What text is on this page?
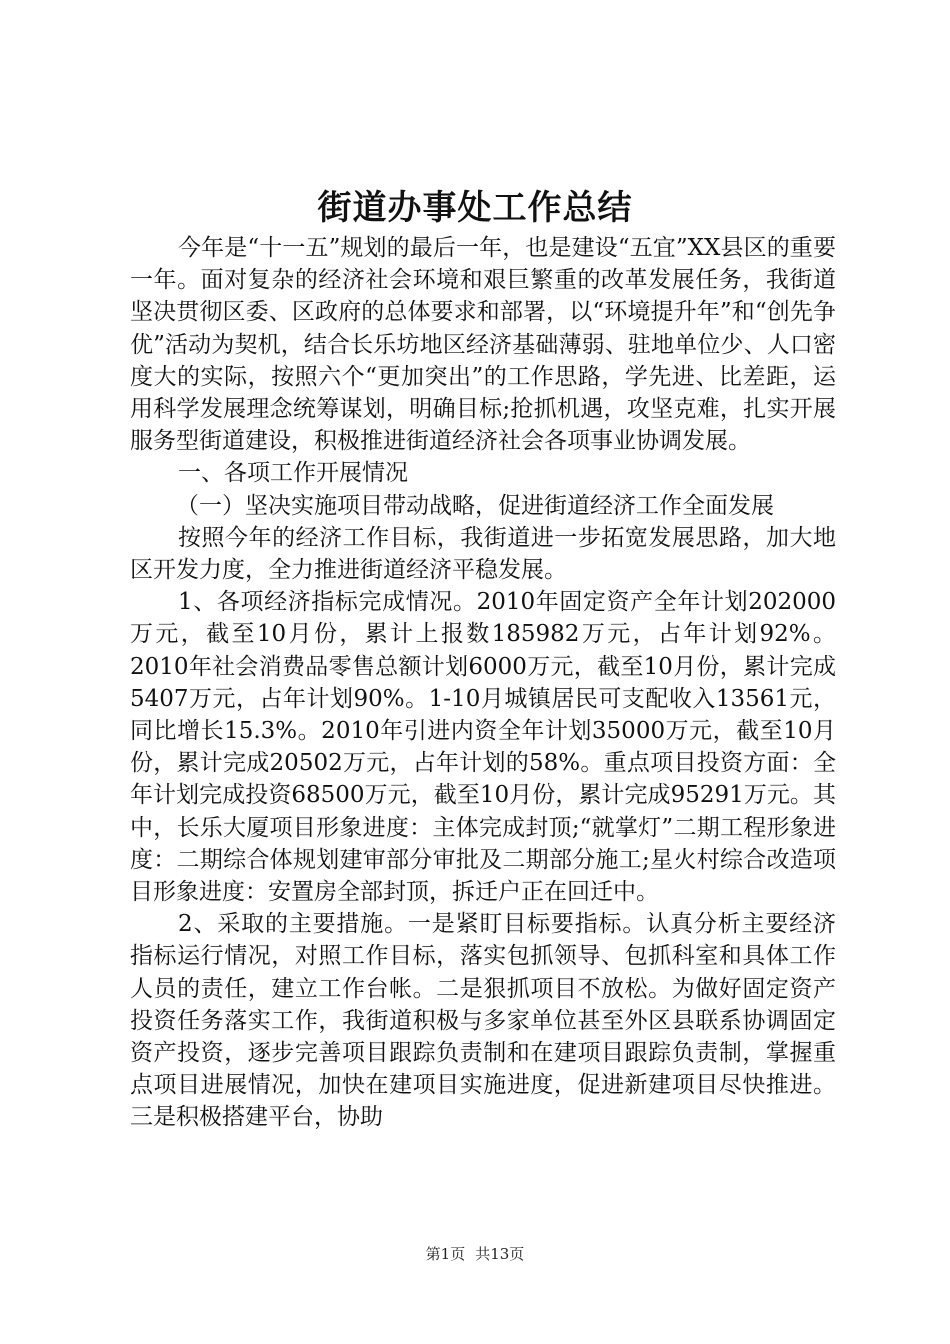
街道办事处工作总结

今年是“十一五”规划的最后一年，也是建设“五宜”XX县区的重要一年。面对复杂的经济社会环境和艰巨繁重的改革发展任务，我街道坚决贯彻区委、区政府的总体要求和部署，以“环境提升年”和“创先争优”活动为契机，结合长乐坊地区经济基础薄弱、驻地单位少、人口密度大的实际，按照六个“更加突出”的工作思路，学先进、比差距，运用科学发展理念统筹谋划，明确目标;抢抓机遇，攻坚克难，扎实开展服务型街道建设，积极推进街道经济社会各项事业协调发展。

一、各项工作开展情况

（一）坚决实施项目带动战略，促进街道经济工作全面发展

按照今年的经济工作目标，我街道进一步拓宽发展思路，加大地区开发力度，全力推进街道经济平稳发展。

1、各项经济指标完成情况。2010年固定资产全年计划202000万元，截至10月份，累计上报数185982万元，占年计划92%。2010年社会消费品零售总额计划6000万元，截至10月份，累计完成5407万元，占年计划90%。1-10月城镇居民可支配收入13561元，同比增长15.3%。2010年引进内资全年计划35000万元，截至10月份，累计完成20502万元，占年计划的58%。重点项目投资方面：全年计划完成投资68500万元，截至10月份，累计完成95291万元。其中，长乐大厦项目形象进度：主体完成封顶;“就掌灯”二期工程形象进度：二期综合体规划建审部分审批及二期部分施工;星火村综合改造项目形象进度：安置房全部封顶，拆迁户正在回迁中。

2、采取的主要措施。一是紧盯目标要指标。认真分析主要经济指标运行情况，对照工作目标，落实包抓领导、包抓科室和具体工作人员的责任，建立工作台帐。二是狠抓项目不放松。为做好固定资产投资任务落实工作，我街道积极与多家单位甚至外区县联系协调固定资产投资，逐步完善项目跟踪负责制和在建项目跟踪负责制，掌握重点项目进展情况，加快在建项目实施进度，促进新建项目尽快推进。三是积极搭建平台，协助

第1页 共13页
